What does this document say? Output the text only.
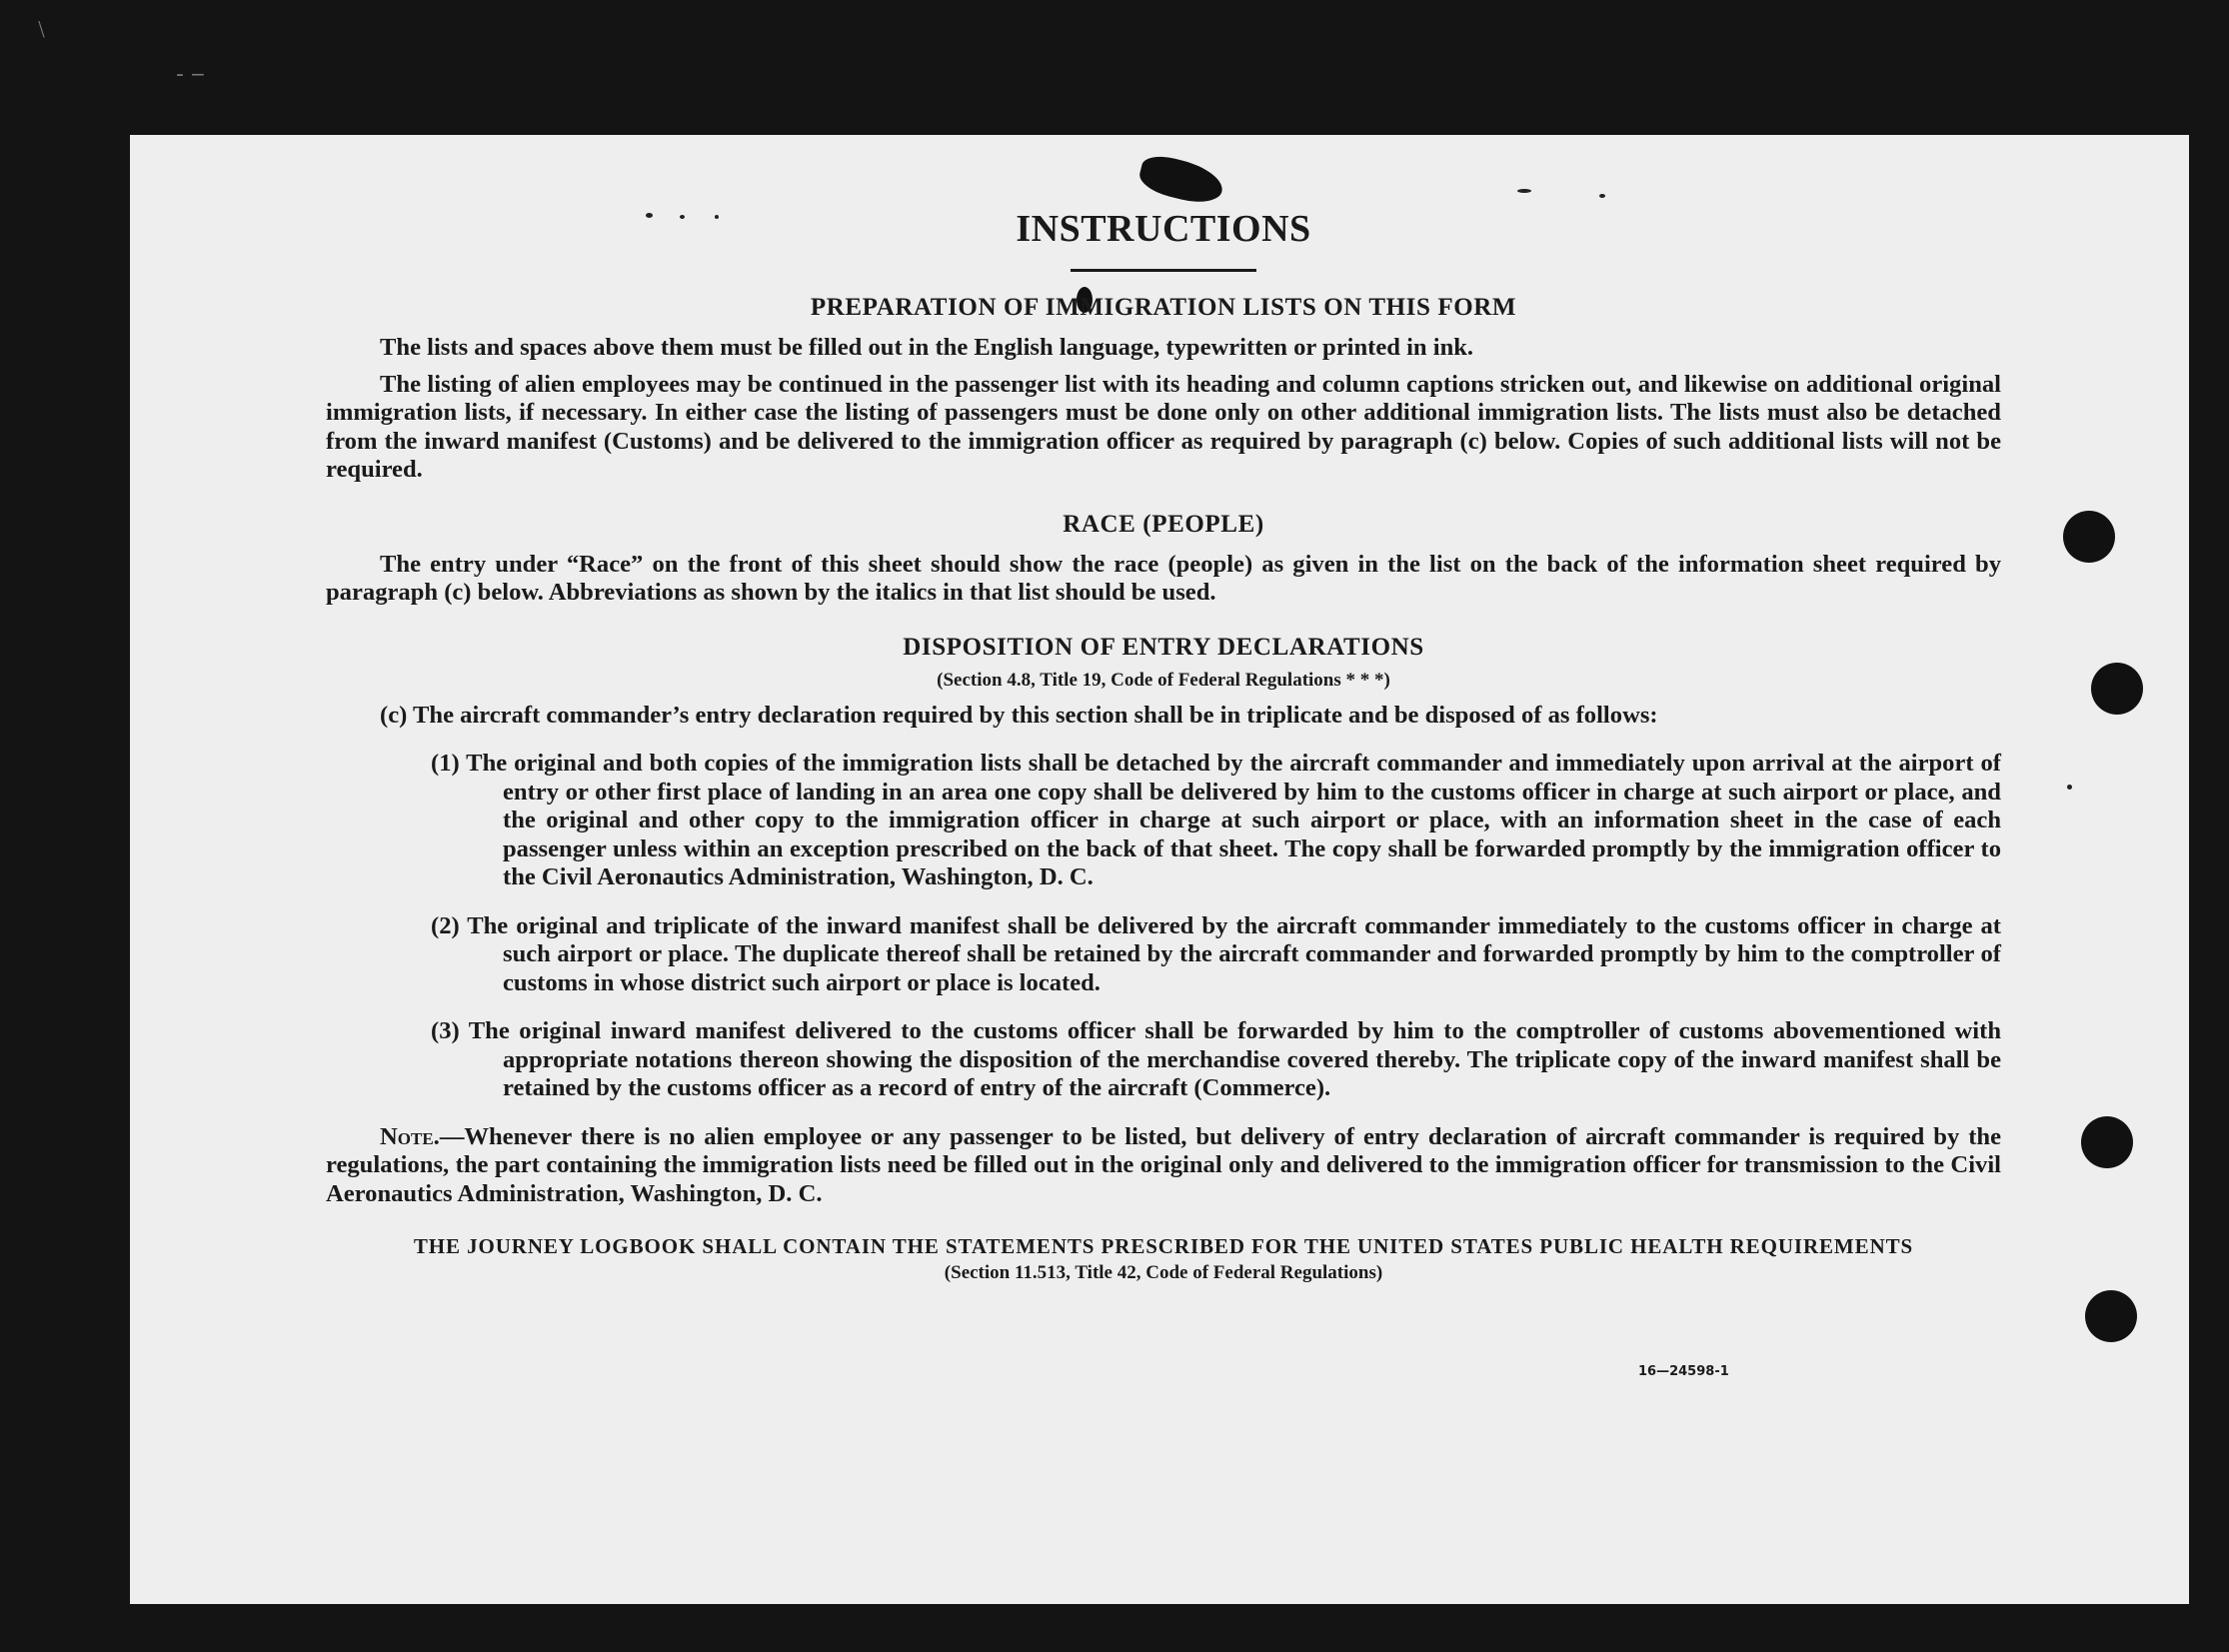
⧵
‐ ‒
INSTRUCTIONS
PREPARATION OF IMMIGRATION LISTS ON THIS FORM

The lists and spaces above them must be filled out in the English language, typewritten or printed in ink.

The listing of alien employees may be continued in the passenger list with its heading and column captions stricken out, and likewise on additional original immigration lists, if necessary. In either case the listing of passengers must be done only on other additional immigration lists. The lists must also be detached from the inward manifest (Customs) and be delivered to the immigration officer as required by paragraph (c) below. Copies of such additional lists will not be required.

RACE (PEOPLE)

The entry under “Race” on the front of this sheet should show the race (people) as given in the list on the back of the information sheet required by paragraph (c) below. Abbreviations as shown by the italics in that list should be used.

DISPOSITION OF ENTRY DECLARATIONS
(Section 4.8, Title 19, Code of Federal Regulations * * *)

(c) The aircraft commander’s entry declaration required by this section shall be in triplicate and be disposed of as follows:

(1) The original and both copies of the immigration lists shall be detached by the aircraft commander and immediately upon arrival at the airport of entry or other first place of landing in an area one copy shall be delivered by him to the customs officer in charge at such airport or place, and the original and other copy to the immigration officer in charge at such airport or place, with an information sheet in the case of each passenger unless within an exception prescribed on the back of that sheet. The copy shall be forwarded promptly by the immigration officer to the Civil Aeronautics Administration, Washington, D. C.
(2) The original and triplicate of the inward manifest shall be delivered by the aircraft commander immediately to the customs officer in charge at such airport or place. The duplicate thereof shall be retained by the aircraft commander and forwarded promptly by him to the comptroller of customs in whose district such airport or place is located.
(3) The original inward manifest delivered to the customs officer shall be forwarded by him to the comptroller of customs abovementioned with appropriate notations thereon showing the disposition of the merchandise covered thereby. The triplicate copy of the inward manifest shall be retained by the customs officer as a record of entry of the aircraft (Commerce).

Note.—Whenever there is no alien employee or any passenger to be listed, but delivery of entry declaration of aircraft commander is required by the regulations, the part containing the immigration lists need be filled out in the original only and delivered to the immigration officer for transmission to the Civil Aeronautics Administration, Washington, D. C.

THE JOURNEY LOGBOOK SHALL CONTAIN THE STATEMENTS PRESCRIBED FOR THE UNITED STATES PUBLIC HEALTH REQUIREMENTS
(Section 11.513, Title 42, Code of Federal Regulations)
16—24598-1
